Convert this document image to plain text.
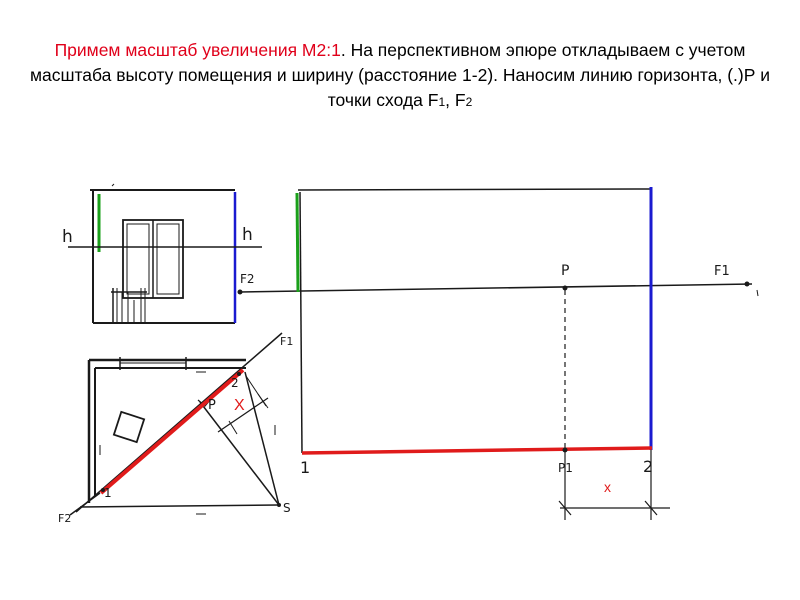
Примем масштаб увеличения М2:1. На перспективном эпюре откладываем с учетом масштаба высоту помещения и ширину (расстояние 1-2). Наносим линию горизонта, (.)Р и точки схода F1, F2
h	h
F2
F1
P X
1
2
S
F2
P	F1
1	P1	2
x
